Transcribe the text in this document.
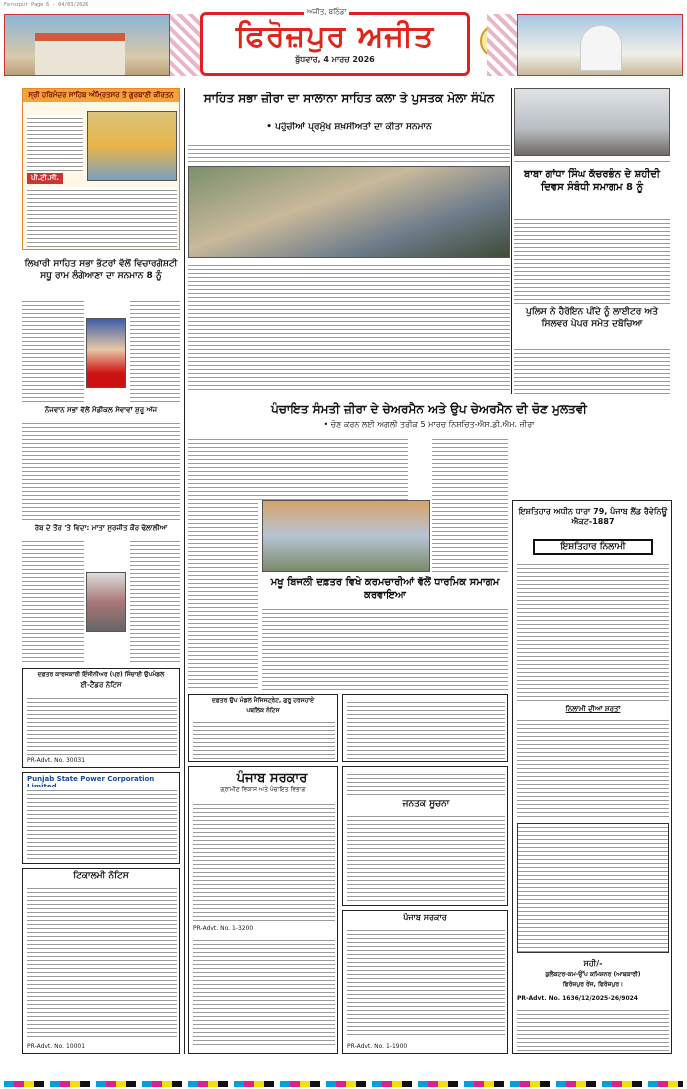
Ferozpur Page 6 - 04/03/2026
ਫਿਰੋਜ਼ਪੁਰ ਅਜੀਤ
ਬੁੱਧਵਾਰ, 4 ਮਾਰਚ 2026
ਅਜੀਤ, ਬਠਿੰਡਾ
ਸ੍ਰੀ ਹਰਿਮੰਦਰ ਸਾਹਿਬ ਅੰਮ੍ਰਿਤਸਰ ਤੋਂ ਗੁਰਬਾਣੀ ਕੀਰਤਨ
ਪੀ.ਟੀ.ਸੀ.
ਸਾਹਿਤ ਸਭਾ ਜ਼ੀਰਾ ਦਾ ਸਾਲਾਨਾ ਸਾਹਿਤ ਕਲਾ ਤੇ ਪੁਸਤਕ ਮੇਲਾ ਸੰਪੰਨ
• ਪਹੁੰਚੀਆਂ ਪ੍ਰਮੁੱਖ ਸ਼ਖ਼ਸੀਅਤਾਂ ਦਾ ਕੀਤਾ ਸਨਮਾਨ
ਬਾਬਾ ਗਾਂਧਾ ਸਿੰਘ ਕੱਚਰਭੰਨ ਦੇ ਸ਼ਹੀਦੀ ਦਿਵਸ ਸੰਬੰਧੀ ਸਮਾਗਮ 8 ਨੂੰ
ਪੁਲਿਸ ਨੇ ਹੈਰੋਇਨ ਪੀਂਦੇ ਨੂੰ ਲਾਈਟਰ ਅਤੇ ਸਿਲਵਰ ਪੇਪਰ ਸਮੇਤ ਦਬੋਚਿਆ
ਲਿਖਾਰੀ ਸਾਹਿਤ ਸਭਾ ਭੱਟਰਾਂ ਵੱਲੋਂ ਵਿਚਾਰਗੋਸ਼ਟੀ ਸਧੂ ਰਾਮ ਲੰਗੇਆਣਾ ਦਾ ਸਨਮਾਨ 8 ਨੂੰ
ਨੌਜਵਾਨ ਸਭਾ ਵੱਲੋਂ ਮੈਡੀਕਲ ਸੇਵਾਵਾਂ ਸ਼ੁਰੂ ਅੱਜ	ਪੰਚਾਇਤ ਸੰਮਤੀ ਜ਼ੀਰਾ ਦੇ ਚੇਅਰਮੈਨ ਅਤੇ ਉਪ ਚੇਅਰਮੈਨ ਦੀ ਚੋਣ ਮੁਲਤਵੀ
• ਚੋਣ ਕਰਨ ਲਈ ਅਗਲੀ ਤਰੀਕ 5 ਮਾਰਚ ਨਿਸ਼ਚਿਤ-ਐਸ.ਡੀ.ਐਮ. ਜ਼ੀਰਾ
ਰੱਬ ਦੇ ਤੌਰ 'ਤੇ ਵਿਦਾ: ਮਾਤਾ ਸੁਰਜੀਤ ਕੌਰ ਢੋਲਾਲੀਆ
ਮਖੂ ਬਿਜਲੀ ਦਫ਼ਤਰ ਵਿਖੇ ਕਰਮਚਾਰੀਆਂ ਵੱਲੋਂ ਧਾਰਮਿਕ ਸਮਾਗਮ ਕਰਵਾਇਆ
ਇਸ਼ਤਿਹਾਰ ਅਧੀਨ ਧਾਰਾ 79, ਪੰਜਾਬ ਲੈਂਡ ਰੈਵੇਨਿਊ ਐਕਟ-1887
ਇਸ਼ਤਿਹਾਰ ਨਿਲਾਮੀ
ਨਿਲਾਮੀ ਦੀਆਂ ਸ਼ਰਤਾਂ
ਸਹੀ/-
ਕੁਲੈਕਟਰ-ਕਮ-ਉੱਪ ਕਮਿਸ਼ਨਰ (ਆਬਕਾਰੀ)
ਫਿਰੋਜ਼ਪੁਰ ਰੇਂਜ, ਫਿਰੋਜ਼ਪੁਰ।
PR-Advt. No. 1636/12/2025-26/9024
ਦਫ਼ਤਰ ਕਾਰਜਕਾਰੀ ਇੰਜੀਨੀਅਰ (ਪ੍ਰ) ਸਿੰਚਾਈ ਉਪਮੰਡਲ
ਈ-ਟੈਂਡਰ ਨੋਟਿਸ
PR-Advt. No. 30031
Punjab State Power Corporation
ਟਿਕਾਲਮੀ ਨੋਟਿਸ
PR-Advt. No. 10001
ਦਫ਼ਤਰ ਉਪ ਮੰਡਲ ਮੈਜਿਸਟ੍ਰੇਟ, ਗੁਰੂ ਹਰਸਹਾਏ
ਪਬਲਿਕ ਨੋਟਿਸ
ਪੰਜਾਬ ਸਰਕਾਰ
ਗ੍ਰਾਮੀਣ ਵਿਕਾਸ ਅਤੇ ਪੰਚਾਇਤ ਵਿਭਾਗ
PR-Advt. No. 1-3200
ਜਨਤਕ ਸੂਚਨਾ
ਪੰਜਾਬ ਸਰਕਾਰ
PR-Advt. No. 1-1900
